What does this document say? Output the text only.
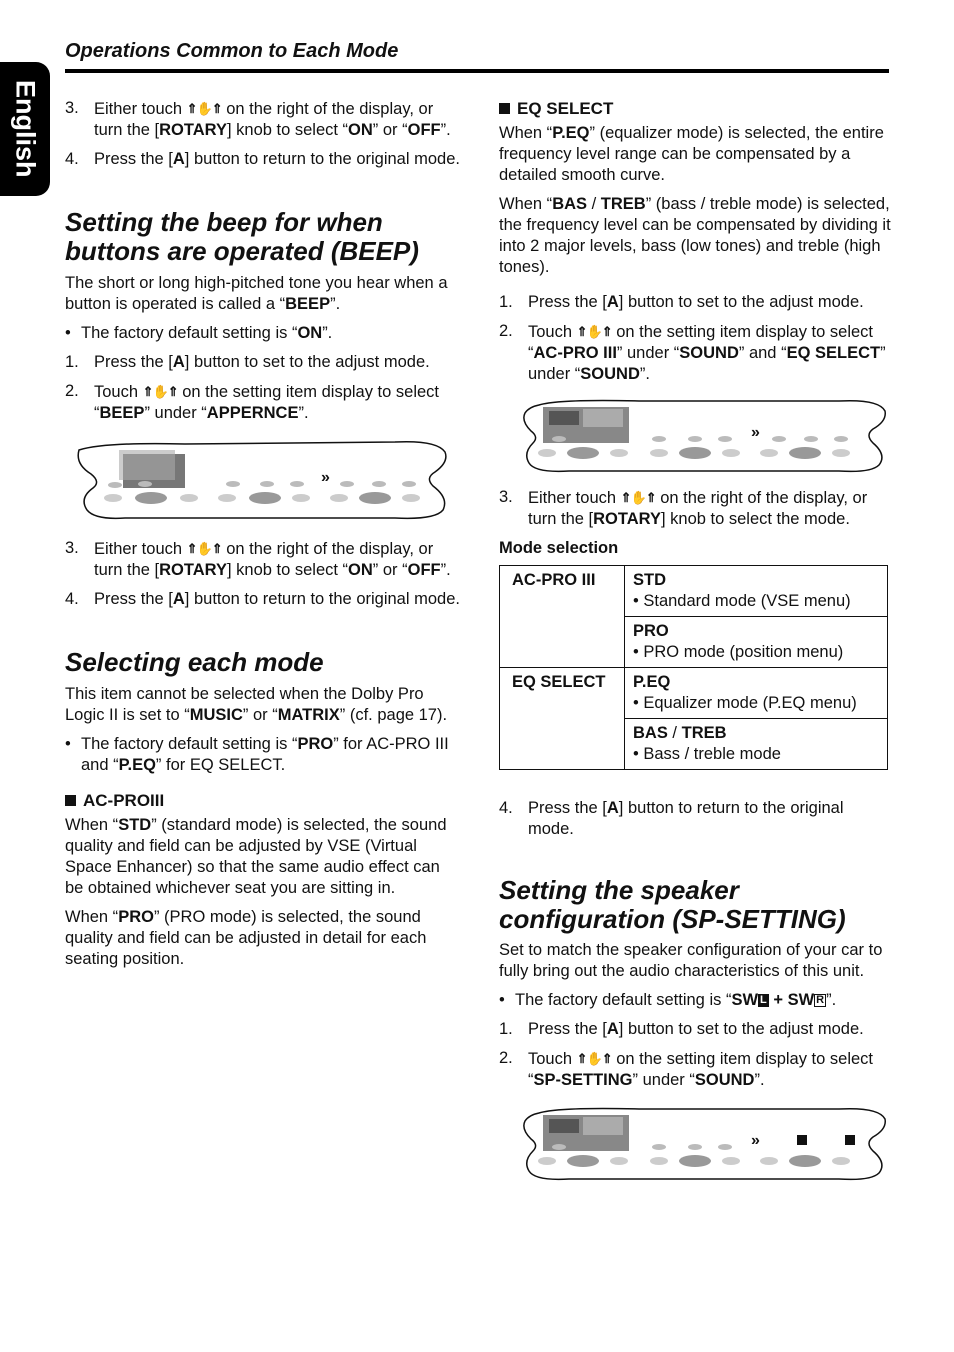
English
Operations Common to Each Mode
3. Either touch ⇑✋⇑ on the right of the display, or turn the [ROTARY] knob to select “ON” or “OFF”.
4. Press the [A] button to return to the original mode.
Setting the beep for when buttons are operated (BEEP)

The short or long high-pitched tone you hear when a button is operated is called a “BEEP”.

• The factory default setting is “ON”.
1. Press the [A] button to set to the adjust mode.
2. Touch ⇑✋⇑ on the setting item display to select “BEEP” under “APPERNCE”.
»
3. Either touch ⇑✋⇑ on the right of the display, or turn the [ROTARY] knob to select “ON” or “OFF”.
4. Press the [A] button to return to the original mode.
Selecting each mode

This item cannot be selected when the Dolby Pro Logic II is set to “MUSIC” or “MATRIX” (cf. page 17).

• The factory default setting is “PRO” for AC-PRO III and “P.EQ” for EQ SELECT.
AC-PROIII

When “STD” (standard mode) is selected, the sound quality and field can be adjusted by VSE (Virtual Space Enhancer) so that the same audio effect can be obtained whichever seat you are sitting in.

When “PRO” (PRO mode) is selected, the sound quality and field can be adjusted in detail for each seating position.

EQ SELECT

When “P.EQ” (equalizer mode) is selected, the entire frequency level range can be compensated by a detailed smooth curve.

When “BAS / TREB” (bass / treble mode) is selected, the frequency level can be compensated by dividing it into 2 major levels, bass (low tones) and treble (high tones).

1. Press the [A] button to set to the adjust mode.
2. Touch ⇑✋⇑ on the setting item display to select “AC-PRO III” under “SOUND” and “EQ SELECT” under “SOUND”.
»
3. Either touch ⇑✋⇑ on the right of the display, or turn the [ROTARY] knob to select the mode.
Mode selection
AC-PRO III	STD
• Standard mode (VSE menu)
	PRO
• PRO mode (position menu)
EQ SELECT	P.EQ
• Equalizer mode (P.EQ menu)
	BAS / TREB
• Bass / treble mode
4. Press the [A] button to return to the original mode.
Setting the speaker configuration (SP-SETTING)

Set to match the speaker configuration of your car to fully bring out the audio characteristics of this unit.

• The factory default setting is “SW L + SW R ”.
1. Press the [A] button to set to the adjust mode.
2. Touch ⇑✋⇑ on the setting item display to select “SP-SETTING” under “SOUND”.
»
